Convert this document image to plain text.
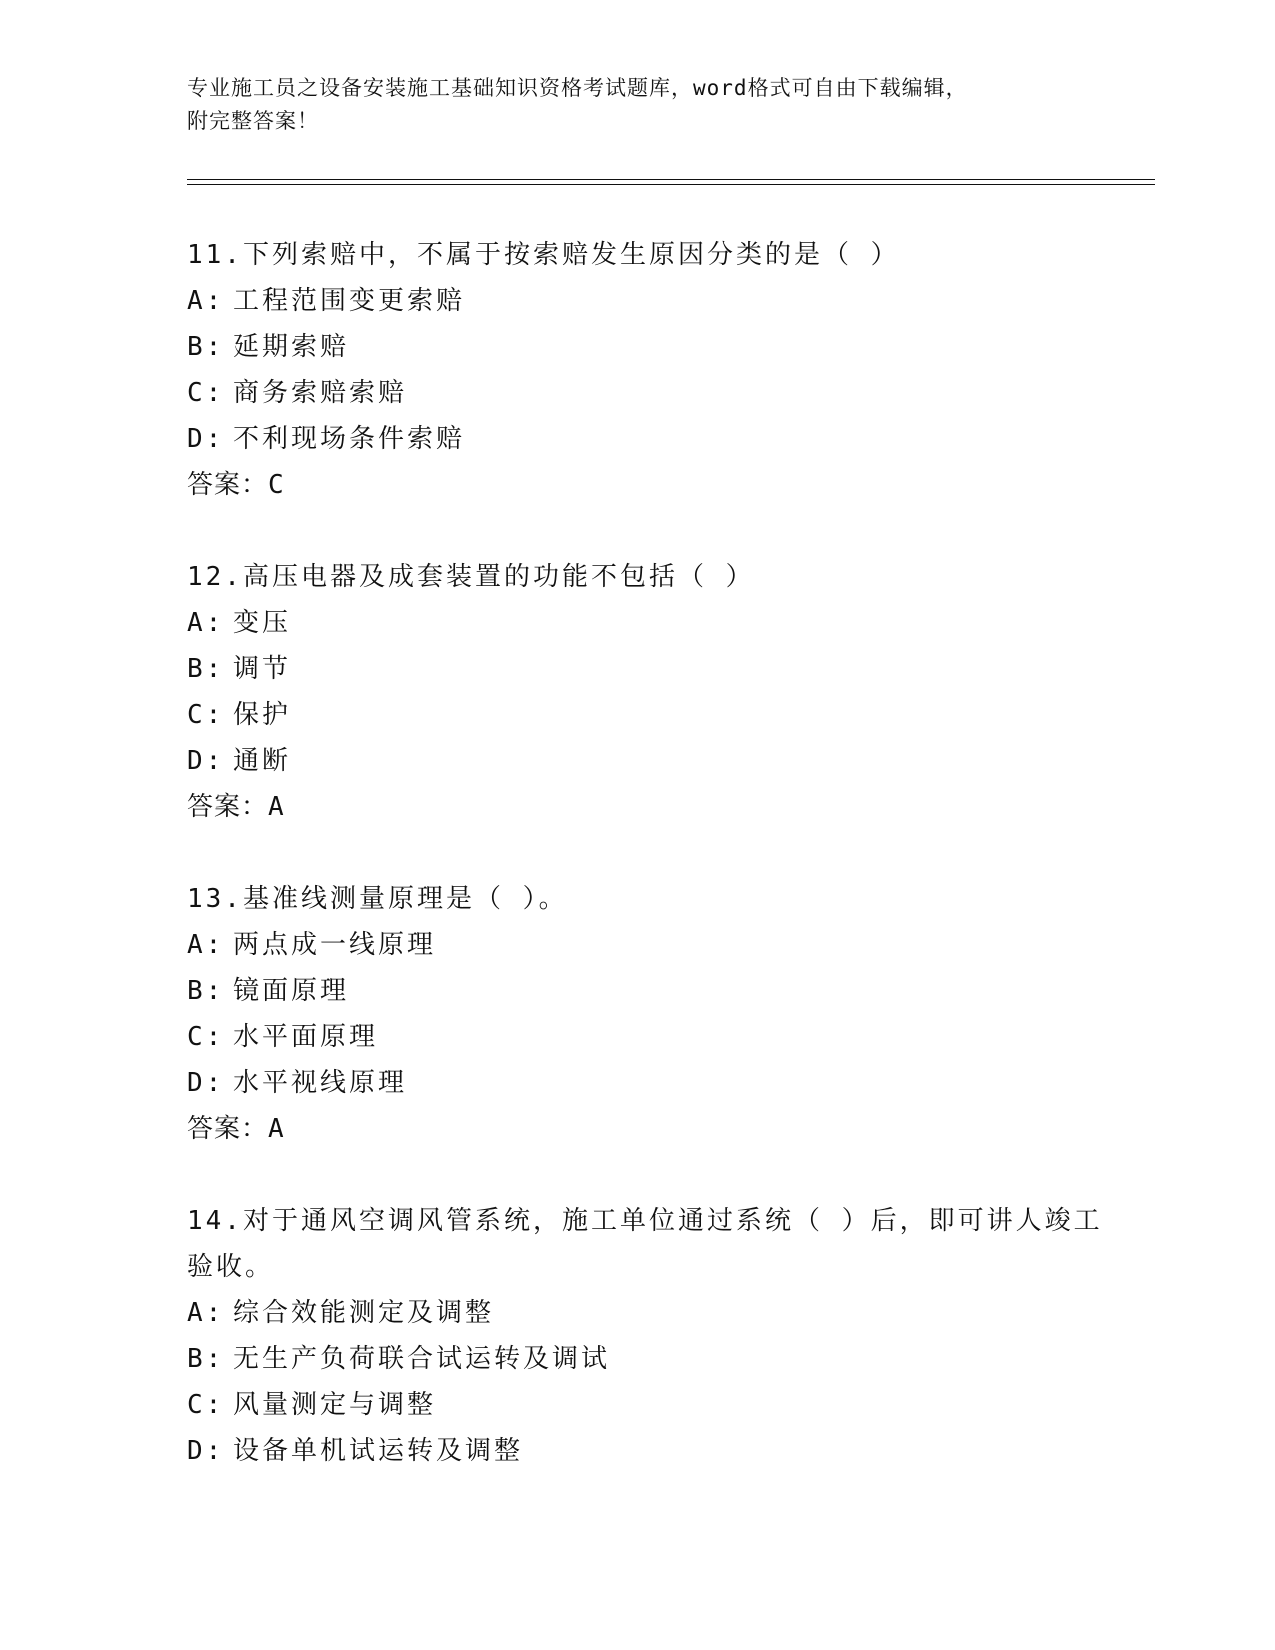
专业施工员之设备安装施工基础知识资格考试题库，word格式可自由下载编辑，
附完整答案！
11.下列索赔中，不属于按索赔发生原因分类的是（ ）
A: 工程范围变更索赔
B: 延期索赔
C: 商务索赔索赔
D: 不利现场条件索赔
答案：C
12.高压电器及成套装置的功能不包括（ ）
A: 变压
B: 调节
C: 保护
D: 通断
答案：A
13.基准线测量原理是（ ）。
A: 两点成一线原理
B: 镜面原理
C: 水平面原理
D: 水平视线原理
答案：A
14.对于通风空调风管系统，施工单位通过系统（ ）后，即可讲人竣工验收。
A: 综合效能测定及调整
B: 无生产负荷联合试运转及调试
C: 风量测定与调整
D: 设备单机试运转及调整
